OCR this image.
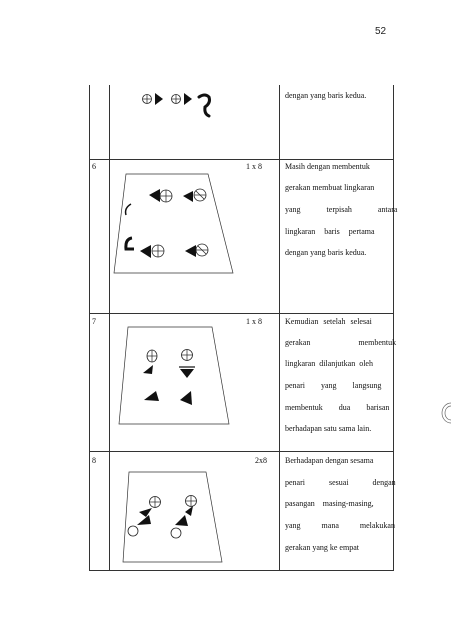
52
dengan yang baris kedua.
6	1 x 8	Masih dengan membentuk
gerakan membuat lingkaran
yang terpisah antara
lingkaran baris pertama
dengan yang baris kedua.
7	1 x 8	Kemudian setelah selesai
gerakan membentuk
lingkaran dilanjutkan oleh
penari yang langsung
membentuk dua barisan
berhadapan satu sama lain.
8	2x8 Berhadapan dengan sesama
penari sesuai dengan
pasangan masing-masing,
yang mana melakukan
gerakan yang ke empat
